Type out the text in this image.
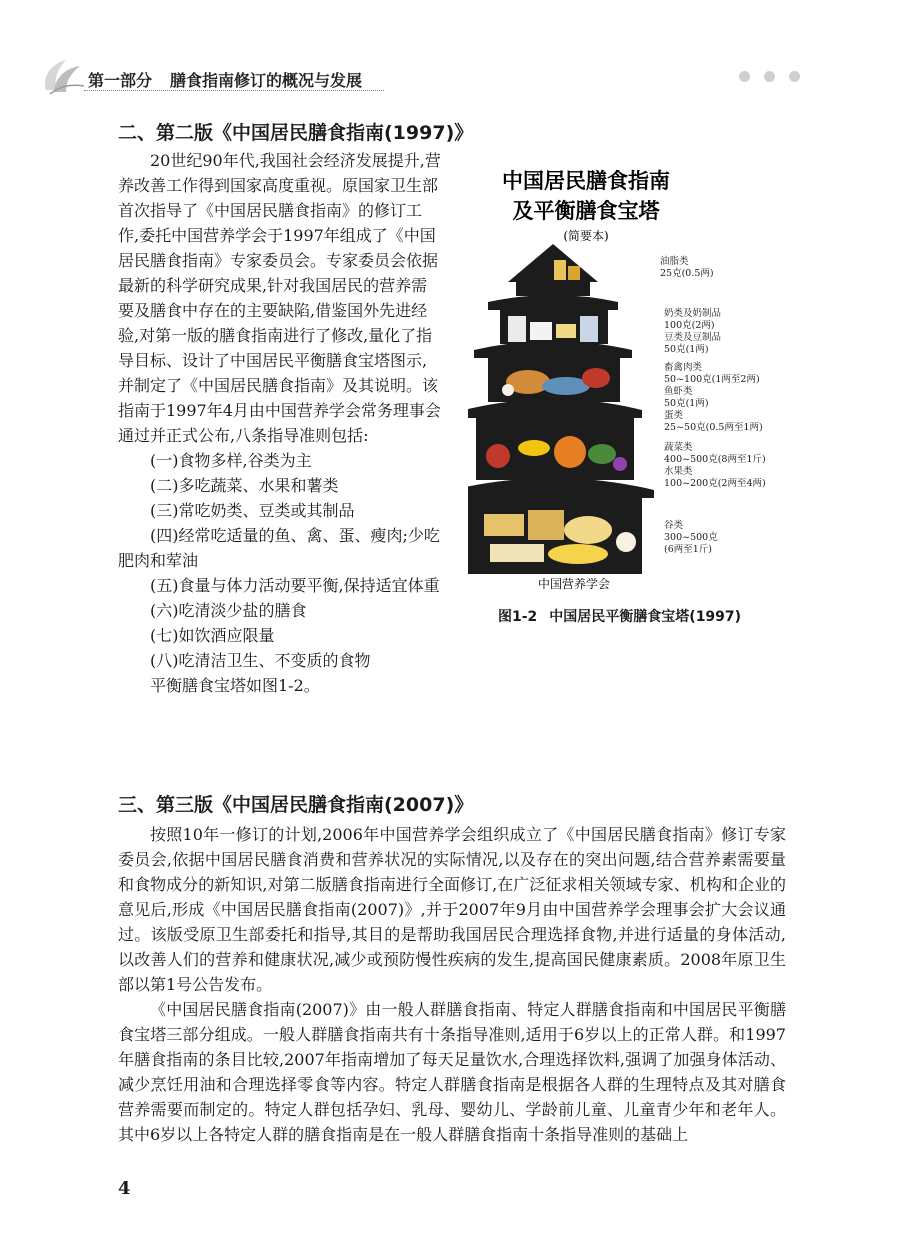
第一部分 膳食指南修订的概况与发展
二、第二版《中国居民膳食指南(1997)》

20世纪90年代,我国社会经济发展提升,营养改善工作得到国家高度重视。原国家卫生部首次指导了《中国居民膳食指南》的修订工作,委托中国营养学会于1997年组成了《中国居民膳食指南》专家委员会。专家委员会依据最新的科学研究成果,针对我国居民的营养需要及膳食中存在的主要缺陷,借鉴国外先进经验,对第一版的膳食指南进行了修改,量化了指导目标、设计了中国居民平衡膳食宝塔图示,并制定了《中国居民膳食指南》及其说明。该指南于1997年4月由中国营养学会常务理事会通过并正式公布,八条指导准则包括:

(一)食物多样,谷类为主

(二)多吃蔬菜、水果和薯类

(三)常吃奶类、豆类或其制品

(四)经常吃适量的鱼、禽、蛋、瘦肉;少吃肥肉和荤油

(五)食量与体力活动要平衡,保持适宜体重

(六)吃清淡少盐的膳食

(七)如饮酒应限量

(八)吃清洁卫生、不变质的食物

平衡膳食宝塔如图1-2。

中国居民膳食指南
及平衡膳食宝塔
(简要本)
中国营养学会
油脂类
25克(0.5两)
奶类及奶制品
100克(2两)
豆类及豆制品
50克(1两)
畜禽肉类
50~100克(1两至2两)
鱼虾类
50克(1两)
蛋类
25~50克(0.5两至1两)
蔬菜类
400~500克(8两至1斤)
水果类
100~200克(2两至4两)
谷类
300~500克
(6两至1斤)
图1-2 中国居民平衡膳食宝塔(1997)
三、第三版《中国居民膳食指南(2007)》

按照10年一修订的计划,2006年中国营养学会组织成立了《中国居民膳食指南》修订专家委员会,依据中国居民膳食消费和营养状况的实际情况,以及存在的突出问题,结合营养素需要量和食物成分的新知识,对第二版膳食指南进行全面修订,在广泛征求相关领域专家、机构和企业的意见后,形成《中国居民膳食指南(2007)》,并于2007年9月由中国营养学会理事会扩大会议通过。该版受原卫生部委托和指导,其目的是帮助我国居民合理选择食物,并进行适量的身体活动,以改善人们的营养和健康状况,减少或预防慢性疾病的发生,提高国民健康素质。2008年原卫生部以第1号公告发布。

《中国居民膳食指南(2007)》由一般人群膳食指南、特定人群膳食指南和中国居民平衡膳食宝塔三部分组成。一般人群膳食指南共有十条指导准则,适用于6岁以上的正常人群。和1997年膳食指南的条目比较,2007年指南增加了每天足量饮水,合理选择饮料,强调了加强身体活动、减少烹饪用油和合理选择零食等内容。特定人群膳食指南是根据各人群的生理特点及其对膳食营养需要而制定的。特定人群包括孕妇、乳母、婴幼儿、学龄前儿童、儿童青少年和老年人。其中6岁以上各特定人群的膳食指南是在一般人群膳食指南十条指导准则的基础上

4
